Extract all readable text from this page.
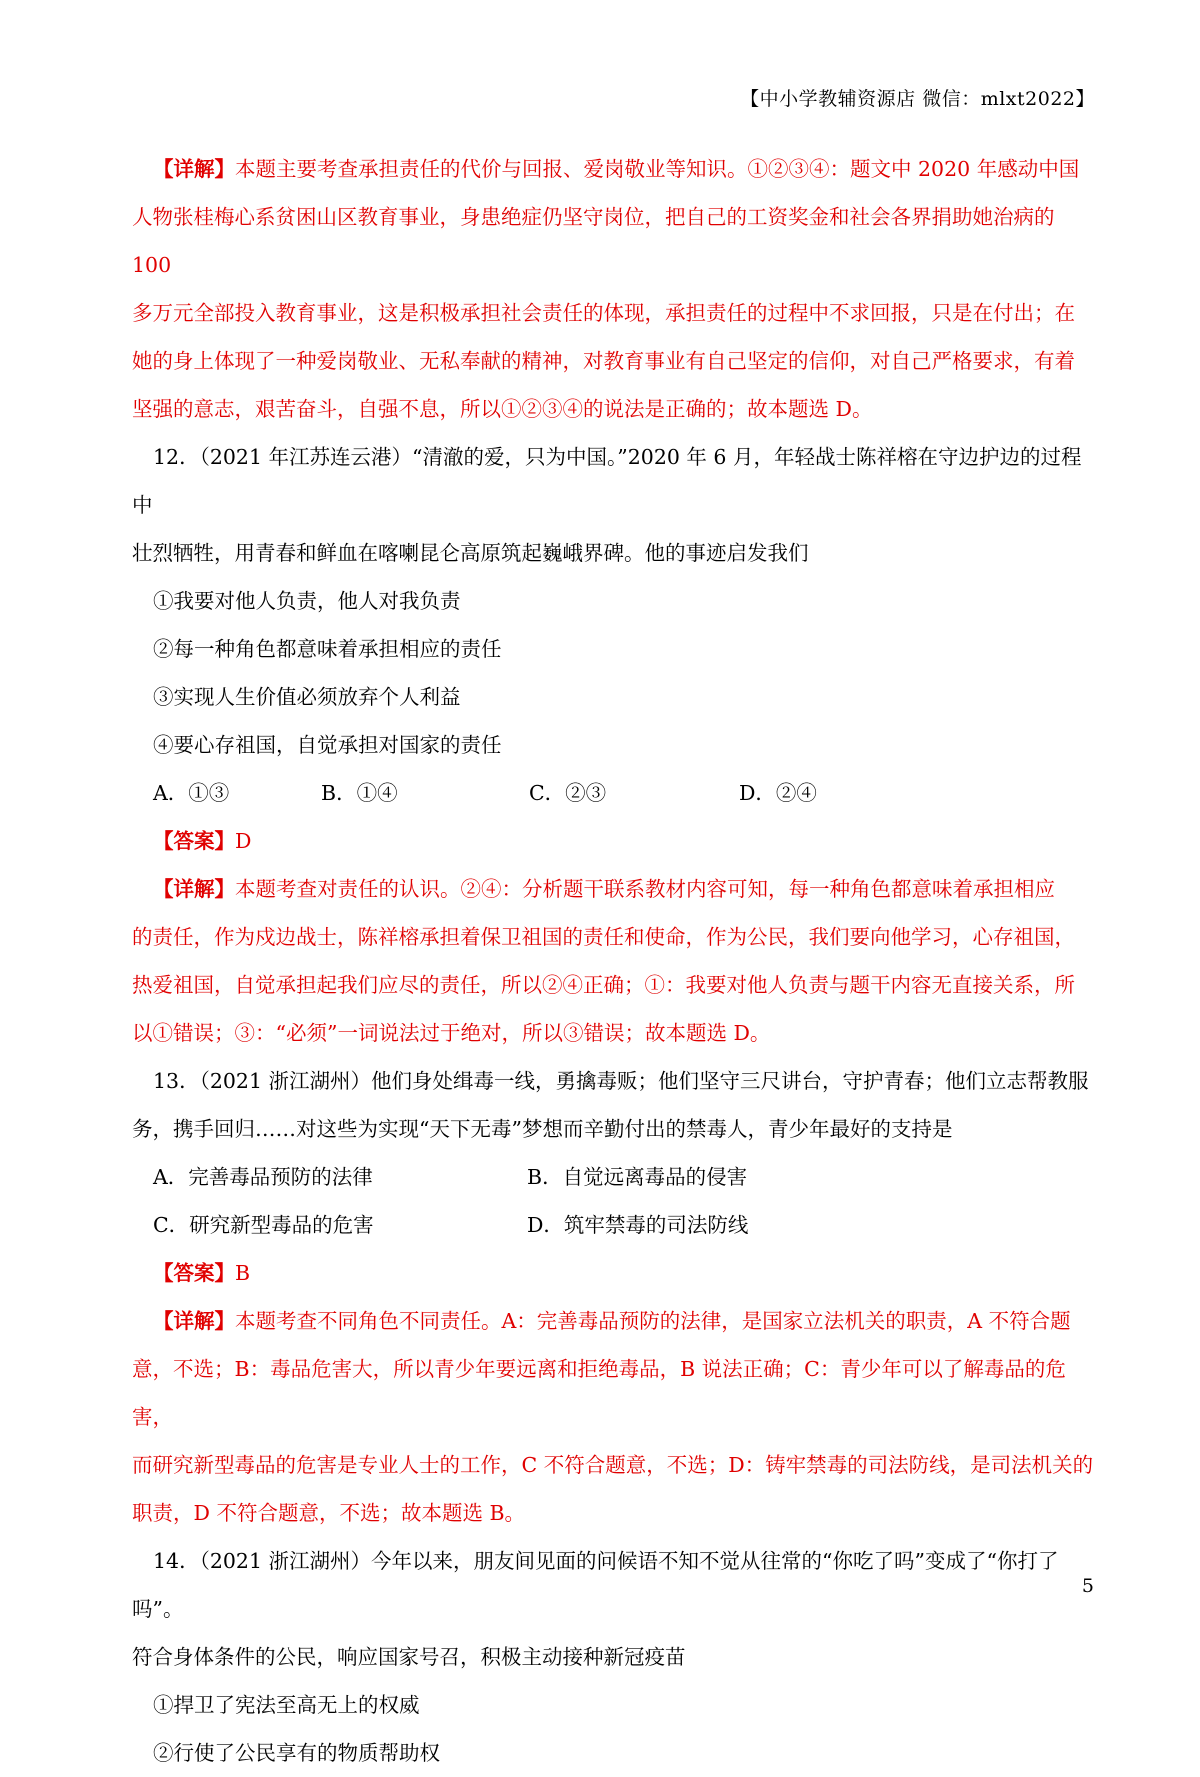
【中小学教辅资源店 微信：mlxt2022】
【详解】本题主要考查承担责任的代价与回报、爱岗敬业等知识。①②③④：题文中 2020 年感动中国
人物张桂梅心系贫困山区教育事业，身患绝症仍坚守岗位，把自己的工资奖金和社会各界捐助她治病的 100
多万元全部投入教育事业，这是积极承担社会责任的体现，承担责任的过程中不求回报，只是在付出；在
她的身上体现了一种爱岗敬业、无私奉献的精神，对教育事业有自己坚定的信仰，对自己严格要求，有着
坚强的意志，艰苦奋斗，自强不息，所以①②③④的说法是正确的；故本题选 D。
12．（2021 年江苏连云港）“清澈的爱，只为中国。”2020 年 6 月，年轻战士陈祥榕在守边护边的过程中
壮烈牺牲，用青春和鲜血在喀喇昆仑高原筑起巍峨界碑。他的事迹启发我们
①我要对他人负责，他人对我负责
②每一种角色都意味着承担相应的责任
③实现人生价值必须放弃个人利益
④要心存祖国，自觉承担对国家的责任
A．①③	B．①④	C．②③	D．②④
【答案】D
【详解】本题考查对责任的认识。②④：分析题干联系教材内容可知，每一种角色都意味着承担相应
的责任，作为戍边战士，陈祥榕承担着保卫祖国的责任和使命，作为公民，我们要向他学习，心存祖国，
热爱祖国，自觉承担起我们应尽的责任，所以②④正确；①：我要对他人负责与题干内容无直接关系，所
以①错误；③：“必须”一词说法过于绝对，所以③错误；故本题选 D。
13．（2021 浙江湖州）他们身处缉毒一线，勇擒毒贩；他们坚守三尺讲台，守护青春；他们立志帮教服
务，携手回归……对这些为实现“天下无毒”梦想而辛勤付出的禁毒人，青少年最好的支持是
A．完善毒品预防的法律	B．自觉远离毒品的侵害
C．研究新型毒品的危害	D．筑牢禁毒的司法防线
【答案】B
【详解】本题考查不同角色不同责任。A：完善毒品预防的法律，是国家立法机关的职责，A 不符合题
意，不选；B：毒品危害大，所以青少年要远离和拒绝毒品，B 说法正确；C：青少年可以了解毒品的危害，
而研究新型毒品的危害是专业人士的工作，C 不符合题意，不选；D：铸牢禁毒的司法防线，是司法机关的
职责，D 不符合题意，不选；故本题选 B。
14．（2021 浙江湖州）今年以来，朋友间见面的问候语不知不觉从往常的“你吃了吗”变成了“你打了吗”。
符合身体条件的公民，响应国家号召，积极主动接种新冠疫苗
①捍卫了宪法至高无上的权威
②行使了公民享有的物质帮助权
5
